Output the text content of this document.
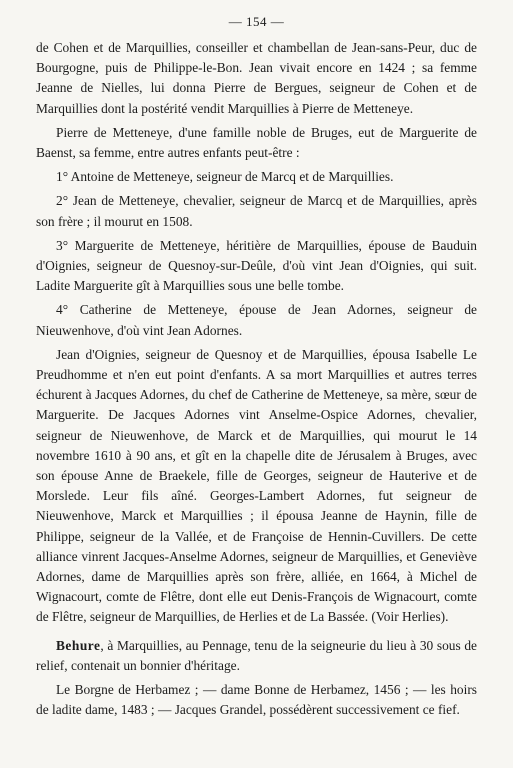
— 154 —

de Cohen et de Marquillies, conseiller et chambellan de Jean-sans-Peur, duc de Bourgogne, puis de Philippe-le-Bon. Jean vivait encore en 1424 ; sa femme Jeanne de Nielles, lui donna Pierre de Bergues, seigneur de Cohen et de Marquillies dont la postérité vendit Marquillies à Pierre de Metteneye.

Pierre de Metteneye, d'une famille noble de Bruges, eut de Marguerite de Baenst, sa femme, entre autres enfants peut-être :

1° Antoine de Metteneye, seigneur de Marcq et de Marquillies.

2° Jean de Metteneye, chevalier, seigneur de Marcq et de Marquillies, après son frère ; il mourut en 1508.

3° Marguerite de Metteneye, héritière de Marquillies, épouse de Bauduin d'Oignies, seigneur de Quesnoy-sur-Deûle, d'où vint Jean d'Oignies, qui suit. Ladite Marguerite gît à Marquillies sous une belle tombe.

4° Catherine de Metteneye, épouse de Jean Adornes, seigneur de Nieuwenhove, d'où vint Jean Adornes.

Jean d'Oignies, seigneur de Quesnoy et de Marquillies, épousa Isabelle Le Preudhomme et n'en eut point d'enfants. A sa mort Marquillies et autres terres échurent à Jacques Adornes, du chef de Catherine de Metteneye, sa mère, sœur de Marguerite. De Jacques Adornes vint Anselme-Ospice Adornes, chevalier, seigneur de Nieuwenhove, de Marck et de Marquillies, qui mourut le 14 novembre 1610 à 90 ans, et gît en la chapelle dite de Jérusalem à Bruges, avec son épouse Anne de Braekele, fille de Georges, seigneur de Hauterive et de Morslede. Leur fils aîné. Georges-Lambert Adornes, fut seigneur de Nieuwenhove, Marck et Marquillies ; il épousa Jeanne de Haynin, fille de Philippe, seigneur de la Vallée, et de Françoise de Hennin-Cuvillers. De cette alliance vinrent Jacques-Anselme Adornes, seigneur de Marquillies, et Geneviève Adornes, dame de Marquillies après son frère, alliée, en 1664, à Michel de Wignacourt, comte de Flêtre, dont elle eut Denis-François de Wignacourt, comte de Flêtre, seigneur de Marquillies, de Herlies et de La Bassée. (Voir Herlies).

Behure, à Marquillies, au Pennage, tenu de la seigneurie du lieu à 30 sous de relief, contenait un bonnier d'héritage.

Le Borgne de Herbamez ; — dame Bonne de Herbamez, 1456 ; — les hoirs de ladite dame, 1483 ; — Jacques Grandel, possédèrent successivement ce fief.
